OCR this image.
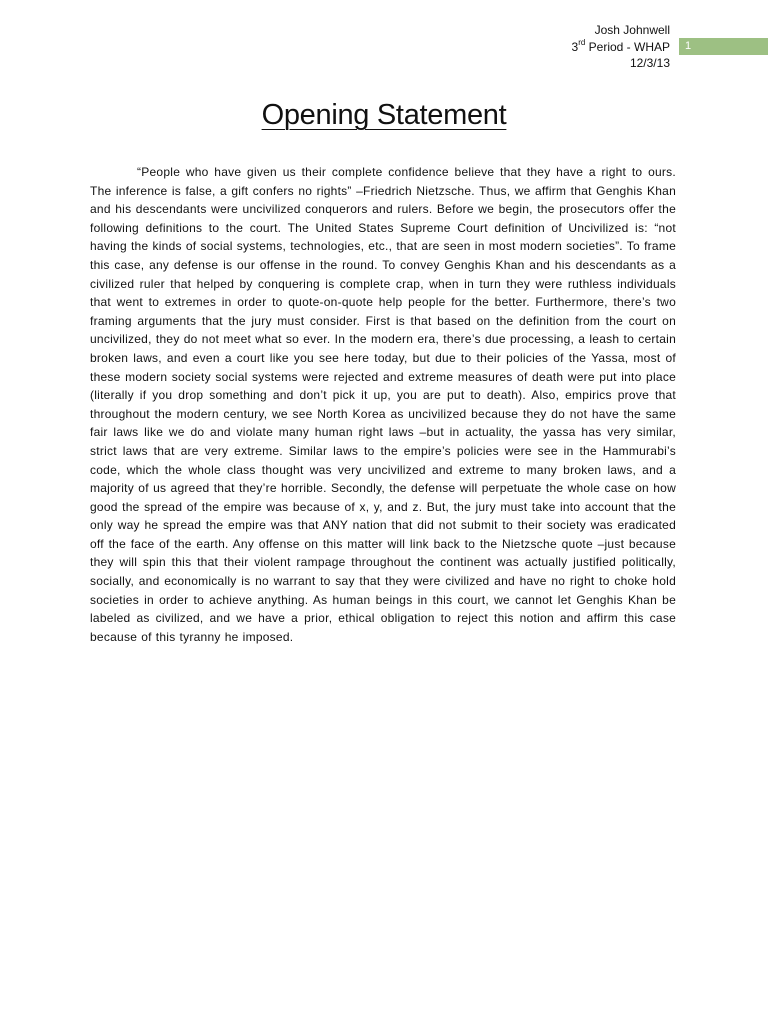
Josh Johnwell
3rd Period - WHAP
12/3/13
1
Opening Statement

“People who have given us their complete confidence believe that they have a right to ours. The inference is false, a gift confers no rights” –Friedrich Nietzsche. Thus, we affirm that Genghis Khan and his descendants were uncivilized conquerors and rulers. Before we begin, the prosecutors offer the following definitions to the court. The United States Supreme Court definition of Uncivilized is: “not having the kinds of social systems, technologies, etc., that are seen in most modern societies”. To frame this case, any defense is our offense in the round. To convey Genghis Khan and his descendants as a civilized ruler that helped by conquering is complete crap, when in turn they were ruthless individuals that went to extremes in order to quote-on-quote help people for the better. Furthermore, there’s two framing arguments that the jury must consider. First is that based on the definition from the court on uncivilized, they do not meet what so ever. In the modern era, there’s due processing, a leash to certain broken laws, and even a court like you see here today, but due to their policies of the Yassa, most of these modern society social systems were rejected and extreme measures of death were put into place (literally if you drop something and don’t pick it up, you are put to death). Also, empirics prove that throughout the modern century, we see North Korea as uncivilized because they do not have the same fair laws like we do and violate many human right laws –but in actuality, the yassa has very similar, strict laws that are very extreme. Similar laws to the empire’s policies were see in the Hammurabi’s code, which the whole class thought was very uncivilized and extreme to many broken laws, and a majority of us agreed that they’re horrible. Secondly, the defense will perpetuate the whole case on how good the spread of the empire was because of x, y, and z. But, the jury must take into account that the only way he spread the empire was that ANY nation that did not submit to their society was eradicated off the face of the earth. Any offense on this matter will link back to the Nietzsche quote –just because they will spin this that their violent rampage throughout the continent was actually justified politically, socially, and economically is no warrant to say that they were civilized and have no right to choke hold societies in order to achieve anything. As human beings in this court, we cannot let Genghis Khan be labeled as civilized, and we have a prior, ethical obligation to reject this notion and affirm this case because of this tyranny he imposed.
